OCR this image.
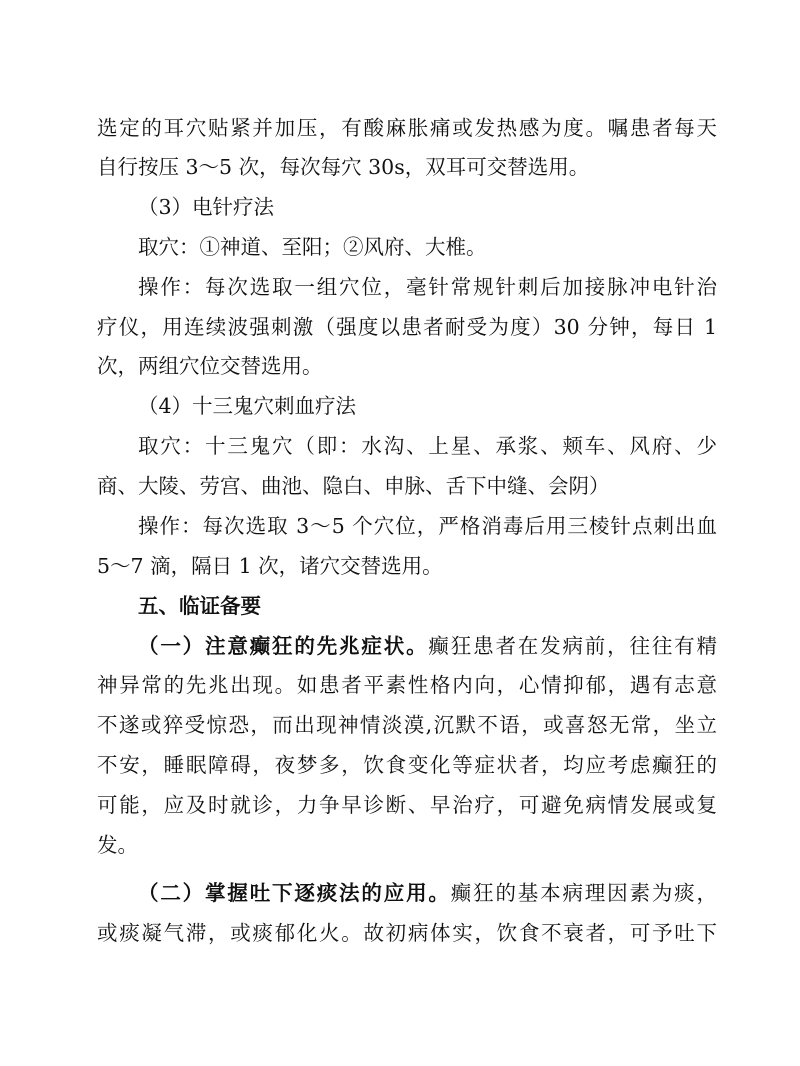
选定的耳穴贴紧并加压，有酸麻胀痛或发热感为度。嘱患者每天
自行按压 3～5 次，每次每穴 30s，双耳可交替选用。
（3）电针疗法
取穴：①神道、至阳；②风府、大椎。
操作：每次选取一组穴位，毫针常规针刺后加接脉冲电针治
疗仪，用连续波强刺激（强度以患者耐受为度）30 分钟，每日 1
次，两组穴位交替选用。
（4）十三鬼穴刺血疗法
取穴：十三鬼穴（即：水沟、上星、承浆、颊车、风府、少
商、大陵、劳宫、曲池、隐白、申脉、舌下中缝、会阴）
操作：每次选取 3～5 个穴位，严格消毒后用三棱针点刺出血
5～7 滴，隔日 1 次，诸穴交替选用。
五、临证备要
（一）注意癫狂的先兆症状。癫狂患者在发病前，往往有精
神异常的先兆出现。如患者平素性格内向，心情抑郁，遇有志意
不遂或猝受惊恐，而出现神情淡漠,沉默不语，或喜怒无常，坐立
不安，睡眠障碍，夜梦多，饮食变化等症状者，均应考虑癫狂的
可能，应及时就诊，力争早诊断、早治疗，可避免病情发展或复
发。
（二）掌握吐下逐痰法的应用。癫狂的基本病理因素为痰，
或痰凝气滞，或痰郁化火。故初病体实，饮食不衰者，可予吐下
